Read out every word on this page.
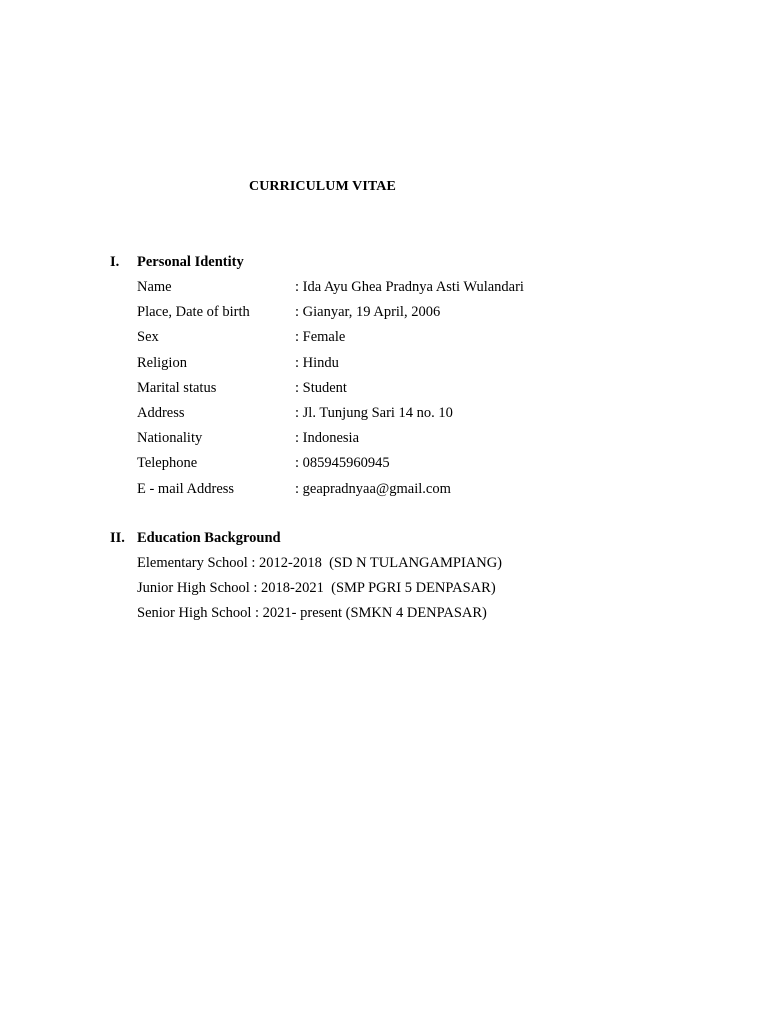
CURRICULUM VITAE
I. Personal Identity
Name	: Ida Ayu Ghea Pradnya Asti Wulandari
Place, Date of birth	: Gianyar, 19 April, 2006
Sex	: Female
Religion	: Hindu
Marital status	: Student
Address	: Jl. Tunjung Sari 14 no. 10
Nationality	: Indonesia
Telephone	: 085945960945
E - mail Address	: geapradnyaa@gmail.com
II. Education Background
Elementary School : 2012-2018  (SD N TULANGAMPIANG)
Junior High School : 2018-2021  (SMP PGRI 5 DENPASAR)
Senior High School : 2021- present (SMKN 4 DENPASAR)
